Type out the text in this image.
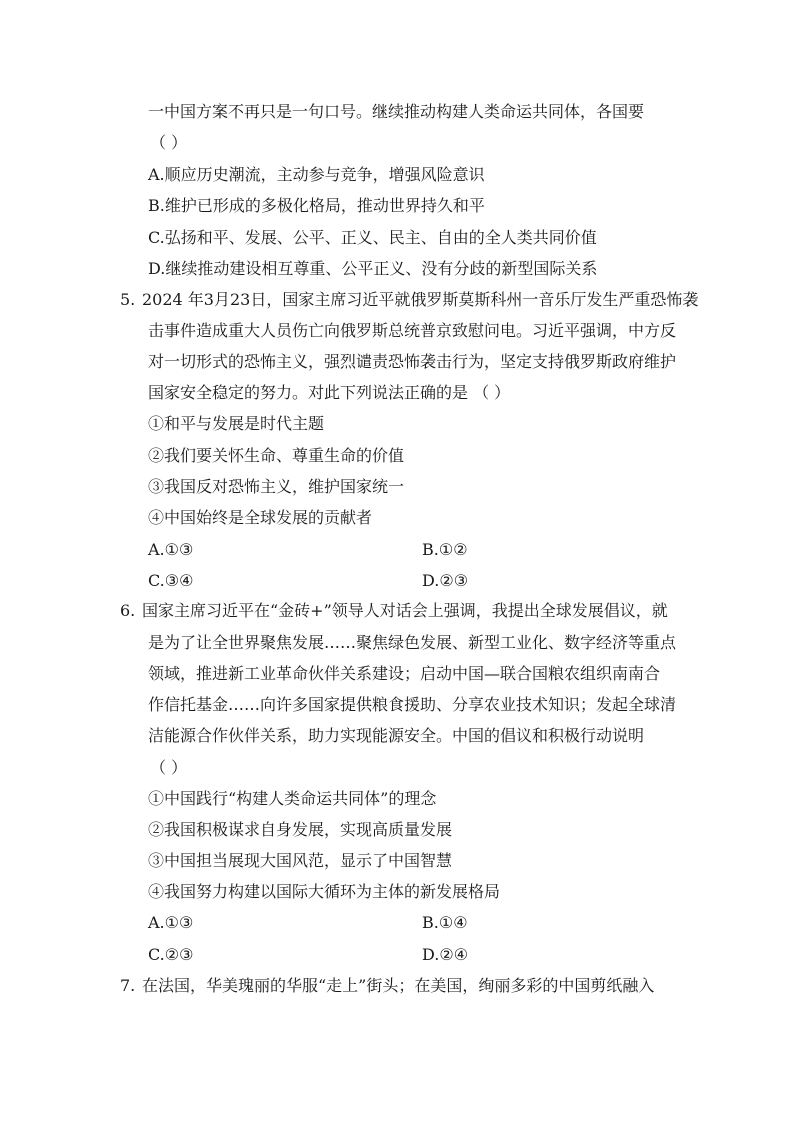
一中国方案不再只是一句口号。继续推动构建人类命运共同体，各国要
（ ）
A.顺应历史潮流，主动参与竞争，增强风险意识
B.维护已形成的多极化格局，推动世界持久和平
C.弘扬和平、发展、公平、正义、民主、自由的全人类共同价值
D.继续推动建设相互尊重、公平正义、没有分歧的新型国际关系
5. 2024 年3月23日，国家主席习近平就俄罗斯莫斯科州一音乐厅发生严重恐怖袭
击事件造成重大人员伤亡向俄罗斯总统普京致慰问电。习近平强调，中方反
对一切形式的恐怖主义，强烈谴责恐怖袭击行为，坚定支持俄罗斯政府维护
国家安全稳定的努力。对此下列说法正确的是 （ ）
①和平与发展是时代主题
②我们要关怀生命、尊重生命的价值
③我国反对恐怖主义，维护国家统一
④中国始终是全球发展的贡献者
A.①③	B.①②
C.③④	D.②③
6. 国家主席习近平在“金砖+”领导人对话会上强调，我提出全球发展倡议，就
是为了让全世界聚焦发展……聚焦绿色发展、新型工业化、数字经济等重点
领域，推进新工业革命伙伴关系建设；启动中国—联合国粮农组织南南合
作信托基金……向许多国家提供粮食援助、分享农业技术知识；发起全球清
洁能源合作伙伴关系，助力实现能源安全。中国的倡议和积极行动说明
（ ）
①中国践行“构建人类命运共同体”的理念
②我国积极谋求自身发展，实现高质量发展
③中国担当展现大国风范，显示了中国智慧
④我国努力构建以国际大循环为主体的新发展格局
A.①③	B.①④
C.②③	D.②④
7. 在法国，华美瑰丽的华服“走上”街头；在美国，绚丽多彩的中国剪纸融入
